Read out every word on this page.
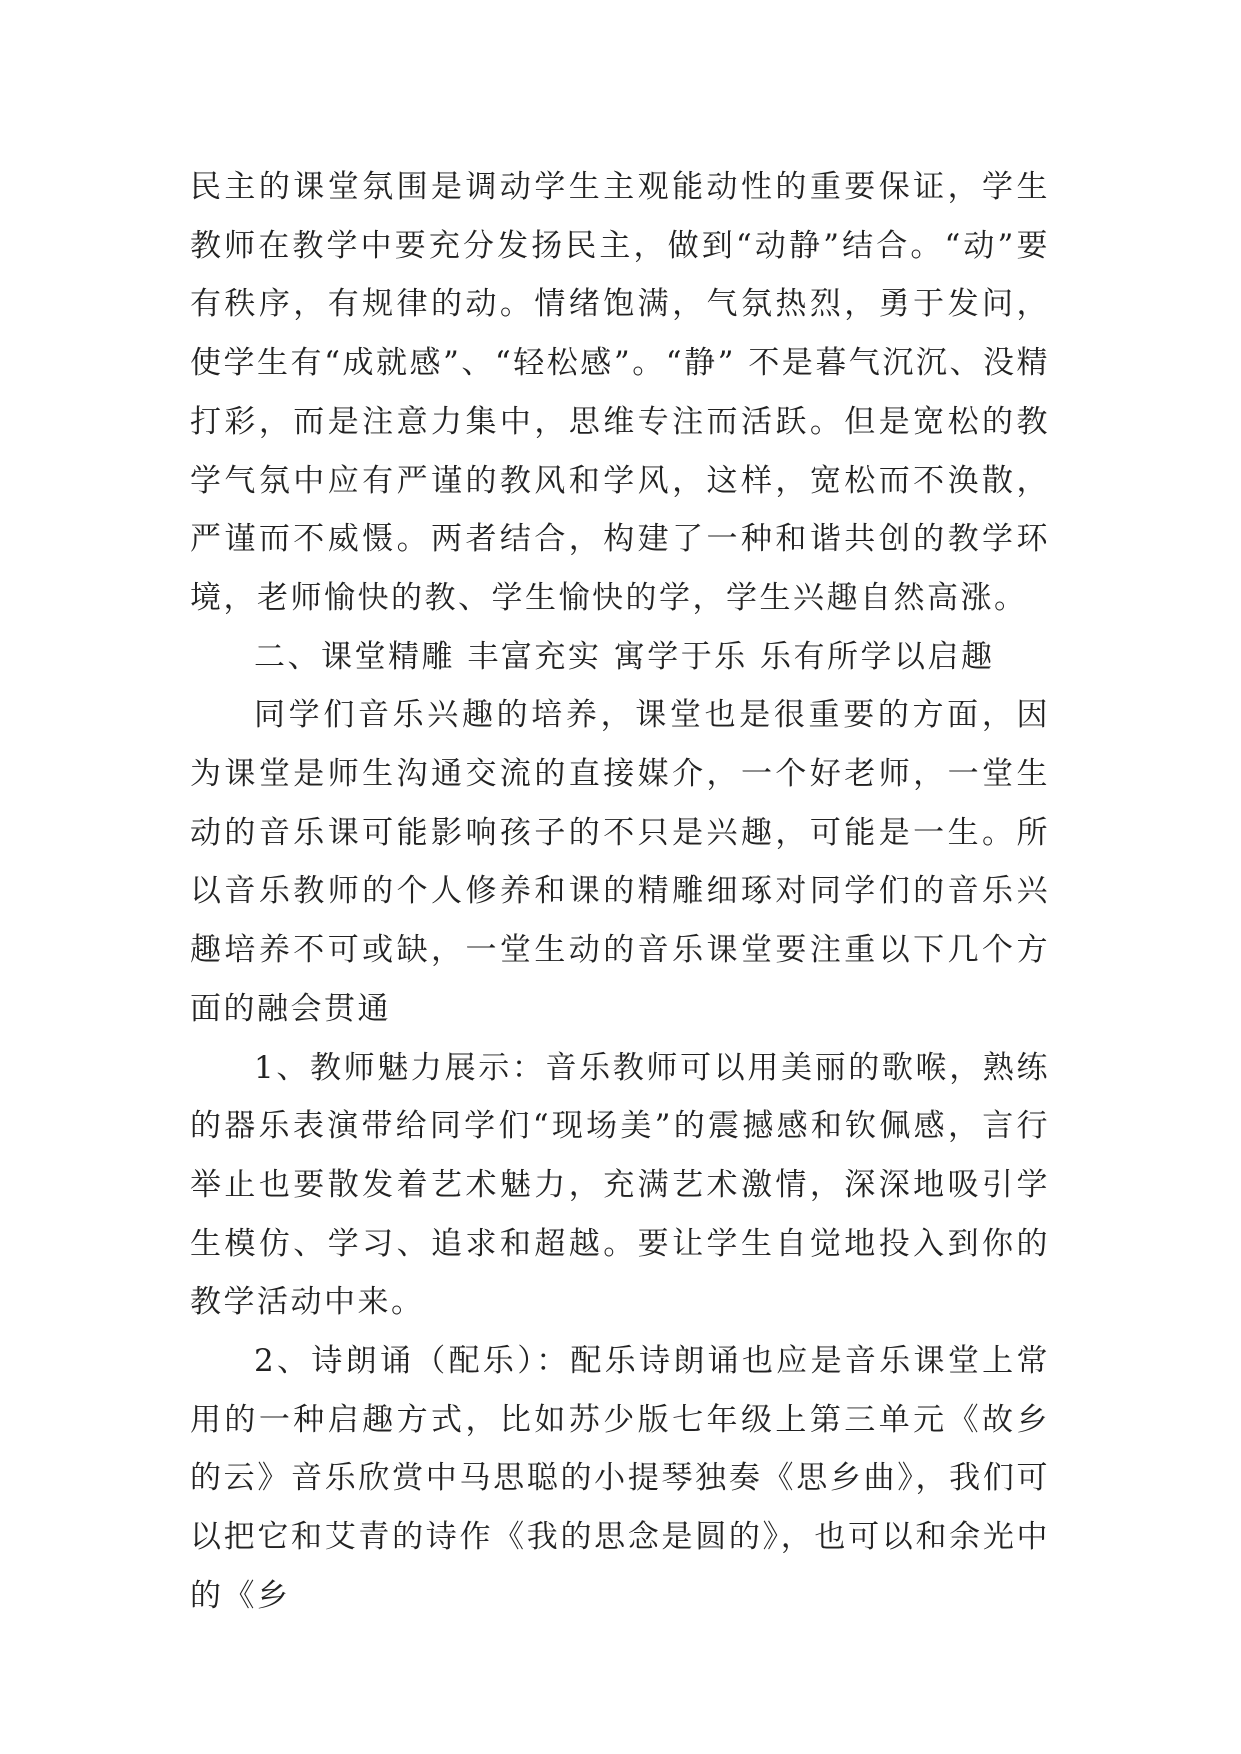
民主的课堂氛围是调动学生主观能动性的重要保证，学生教师在教学中要充分发扬民主，做到“动静”结合。“动”要有秩序，有规律的动。情绪饱满，气氛热烈，勇于发问，使学生有“成就感”、“轻松感”。“静” 不是暮气沉沉、没精打彩，而是注意力集中，思维专注而活跃。但是宽松的教学气氛中应有严谨的教风和学风，这样，宽松而不涣散，严谨而不威慑。两者结合，构建了一种和谐共创的教学环境，老师愉快的教、学生愉快的学，学生兴趣自然高涨。

二、课堂精雕 丰富充实 寓学于乐 乐有所学以启趣

同学们音乐兴趣的培养，课堂也是很重要的方面，因为课堂是师生沟通交流的直接媒介，一个好老师，一堂生动的音乐课可能影响孩子的不只是兴趣，可能是一生。所以音乐教师的个人修养和课的精雕细琢对同学们的音乐兴趣培养不可或缺，一堂生动的音乐课堂要注重以下几个方面的融会贯通

1、教师魅力展示：音乐教师可以用美丽的歌喉，熟练的器乐表演带给同学们“现场美”的震撼感和钦佩感，言行举止也要散发着艺术魅力，充满艺术激情，深深地吸引学生模仿、学习、追求和超越。要让学生自觉地投入到你的教学活动中来。

2、诗朗诵（配乐）：配乐诗朗诵也应是音乐课堂上常用的一种启趣方式，比如苏少版七年级上第三单元《故乡的云》音乐欣赏中马思聪的小提琴独奏《思乡曲》，我们可以把它和艾青的诗作《我的思念是圆的》，也可以和余光中的《乡
